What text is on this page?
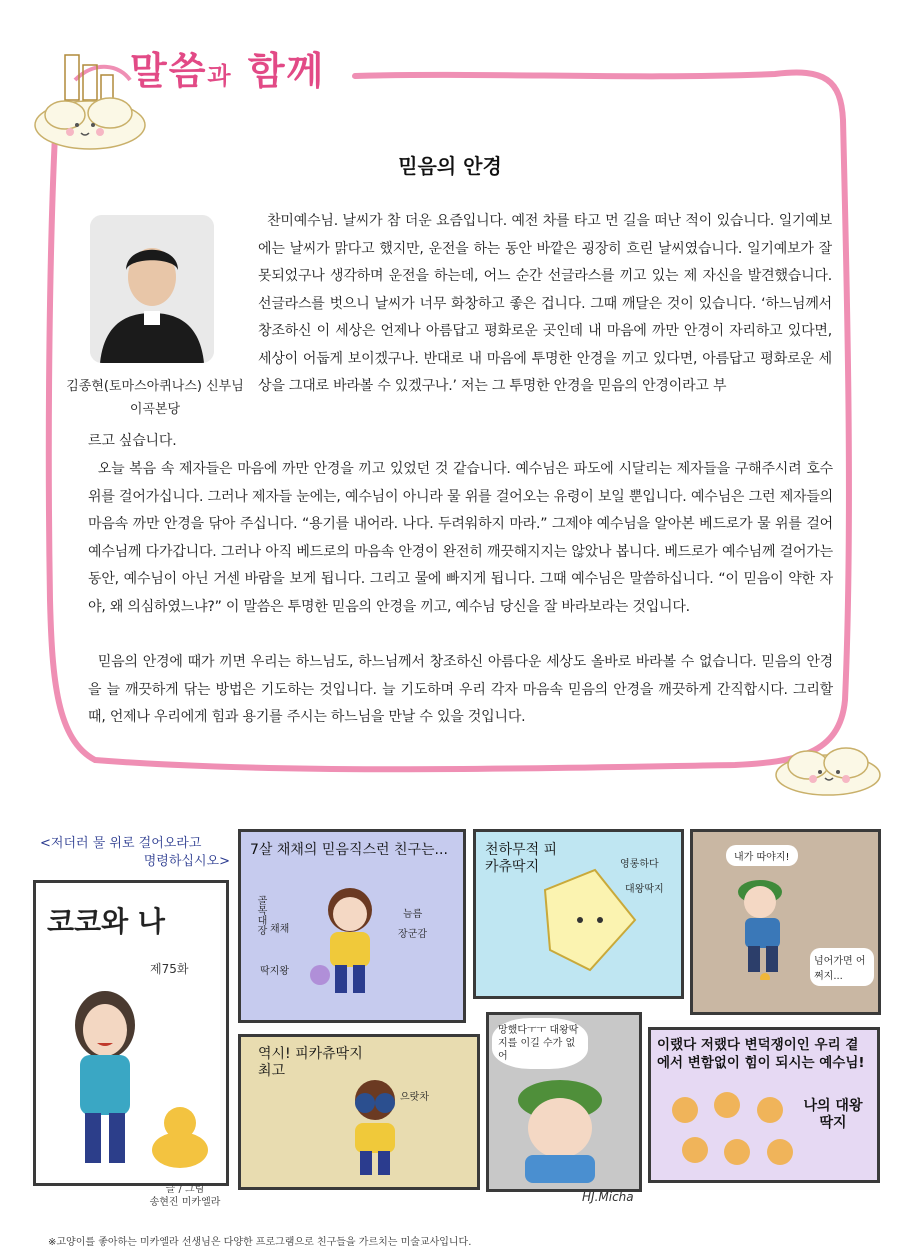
말씀과 함께
믿음의 안경
김종현(토마스아퀴나스) 신부님
이곡본당
찬미예수님. 날씨가 참 더운 요즘입니다. 예전 차를 타고 먼 길을 떠난 적이 있습니다. 일기예보에는 날씨가 맑다고 했지만, 운전을 하는 동안 바깥은 굉장히 흐린 날씨였습니다. 일기예보가 잘못되었구나 생각하며 운전을 하는데, 어느 순간 선글라스를 끼고 있는 제 자신을 발견했습니다. 선글라스를 벗으니 날씨가 너무 화창하고 좋은 겁니다. 그때 깨달은 것이 있습니다. ‘하느님께서 창조하신 이 세상은 언제나 아름답고 평화로운 곳인데 내 마음에 까만 안경이 자리하고 있다면, 세상이 어둡게 보이겠구나. 반대로 내 마음에 투명한 안경을 끼고 있다면, 아름답고 평화로운 세상을 그대로 바라볼 수 있겠구나.’ 저는 그 투명한 안경을 믿음의 안경이라고 부
르고 싶습니다.
오늘 복음 속 제자들은 마음에 까만 안경을 끼고 있었던 것 같습니다. 예수님은 파도에 시달리는 제자들을 구해주시려 호수 위를 걸어가십니다. 그러나 제자들 눈에는, 예수님이 아니라 물 위를 걸어오는 유령이 보일 뿐입니다. 예수님은 그런 제자들의 마음속 까만 안경을 닦아 주십니다. “용기를 내어라. 나다. 두려워하지 마라.” 그제야 예수님을 알아본 베드로가 물 위를 걸어 예수님께 다가갑니다. 그러나 아직 베드로의 마음속 안경이 완전히 깨끗해지지는 않았나 봅니다. 베드로가 예수님께 걸어가는 동안, 예수님이 아닌 거센 바람을 보게 됩니다. 그리고 물에 빠지게 됩니다. 그때 예수님은 말씀하십니다. “이 믿음이 약한 자야, 왜 의심하였느냐?” 이 말씀은 투명한 믿음의 안경을 끼고, 예수님 당신을 잘 바라보라는 것입니다.
믿음의 안경에 때가 끼면 우리는 하느님도, 하느님께서 창조하신 아름다운 세상도 올바로 바라볼 수 없습니다. 믿음의 안경을 늘 깨끗하게 닦는 방법은 기도하는 것입니다. 늘 기도하며 우리 각자 마음속 믿음의 안경을 깨끗하게 간직합시다. 그리할 때, 언제나 우리에게 힘과 용기를 주시는 하느님을 만날 수 있을 것입니다.
<저더러 물 위로 걸어오라고
명령하십시오>
코코와 나
제75화
글 / 그림
송현진 미카엘라
7살 채채의 믿음직스런 친구는...
골목대장 채채
딱지왕
늠름
장군감
천하무적 피카츄딱지	영롱하다
대왕딱지
내가 따야지!
넘어가면 어쩌지...
역시! 피카츄딱지 최고
으랏차
망했다ㅜㅜ 대왕딱지를 이길 수가 없어
이랬다 저랬다 변덕쟁이인 우리 곁에서 변함없이 힘이 되시는 예수님!
나의 대왕딱지
HJ.Micha
※고양이를 좋아하는 미카엘라 선생님은 다양한 프로그램으로 친구들을 가르치는 미술교사입니다.
